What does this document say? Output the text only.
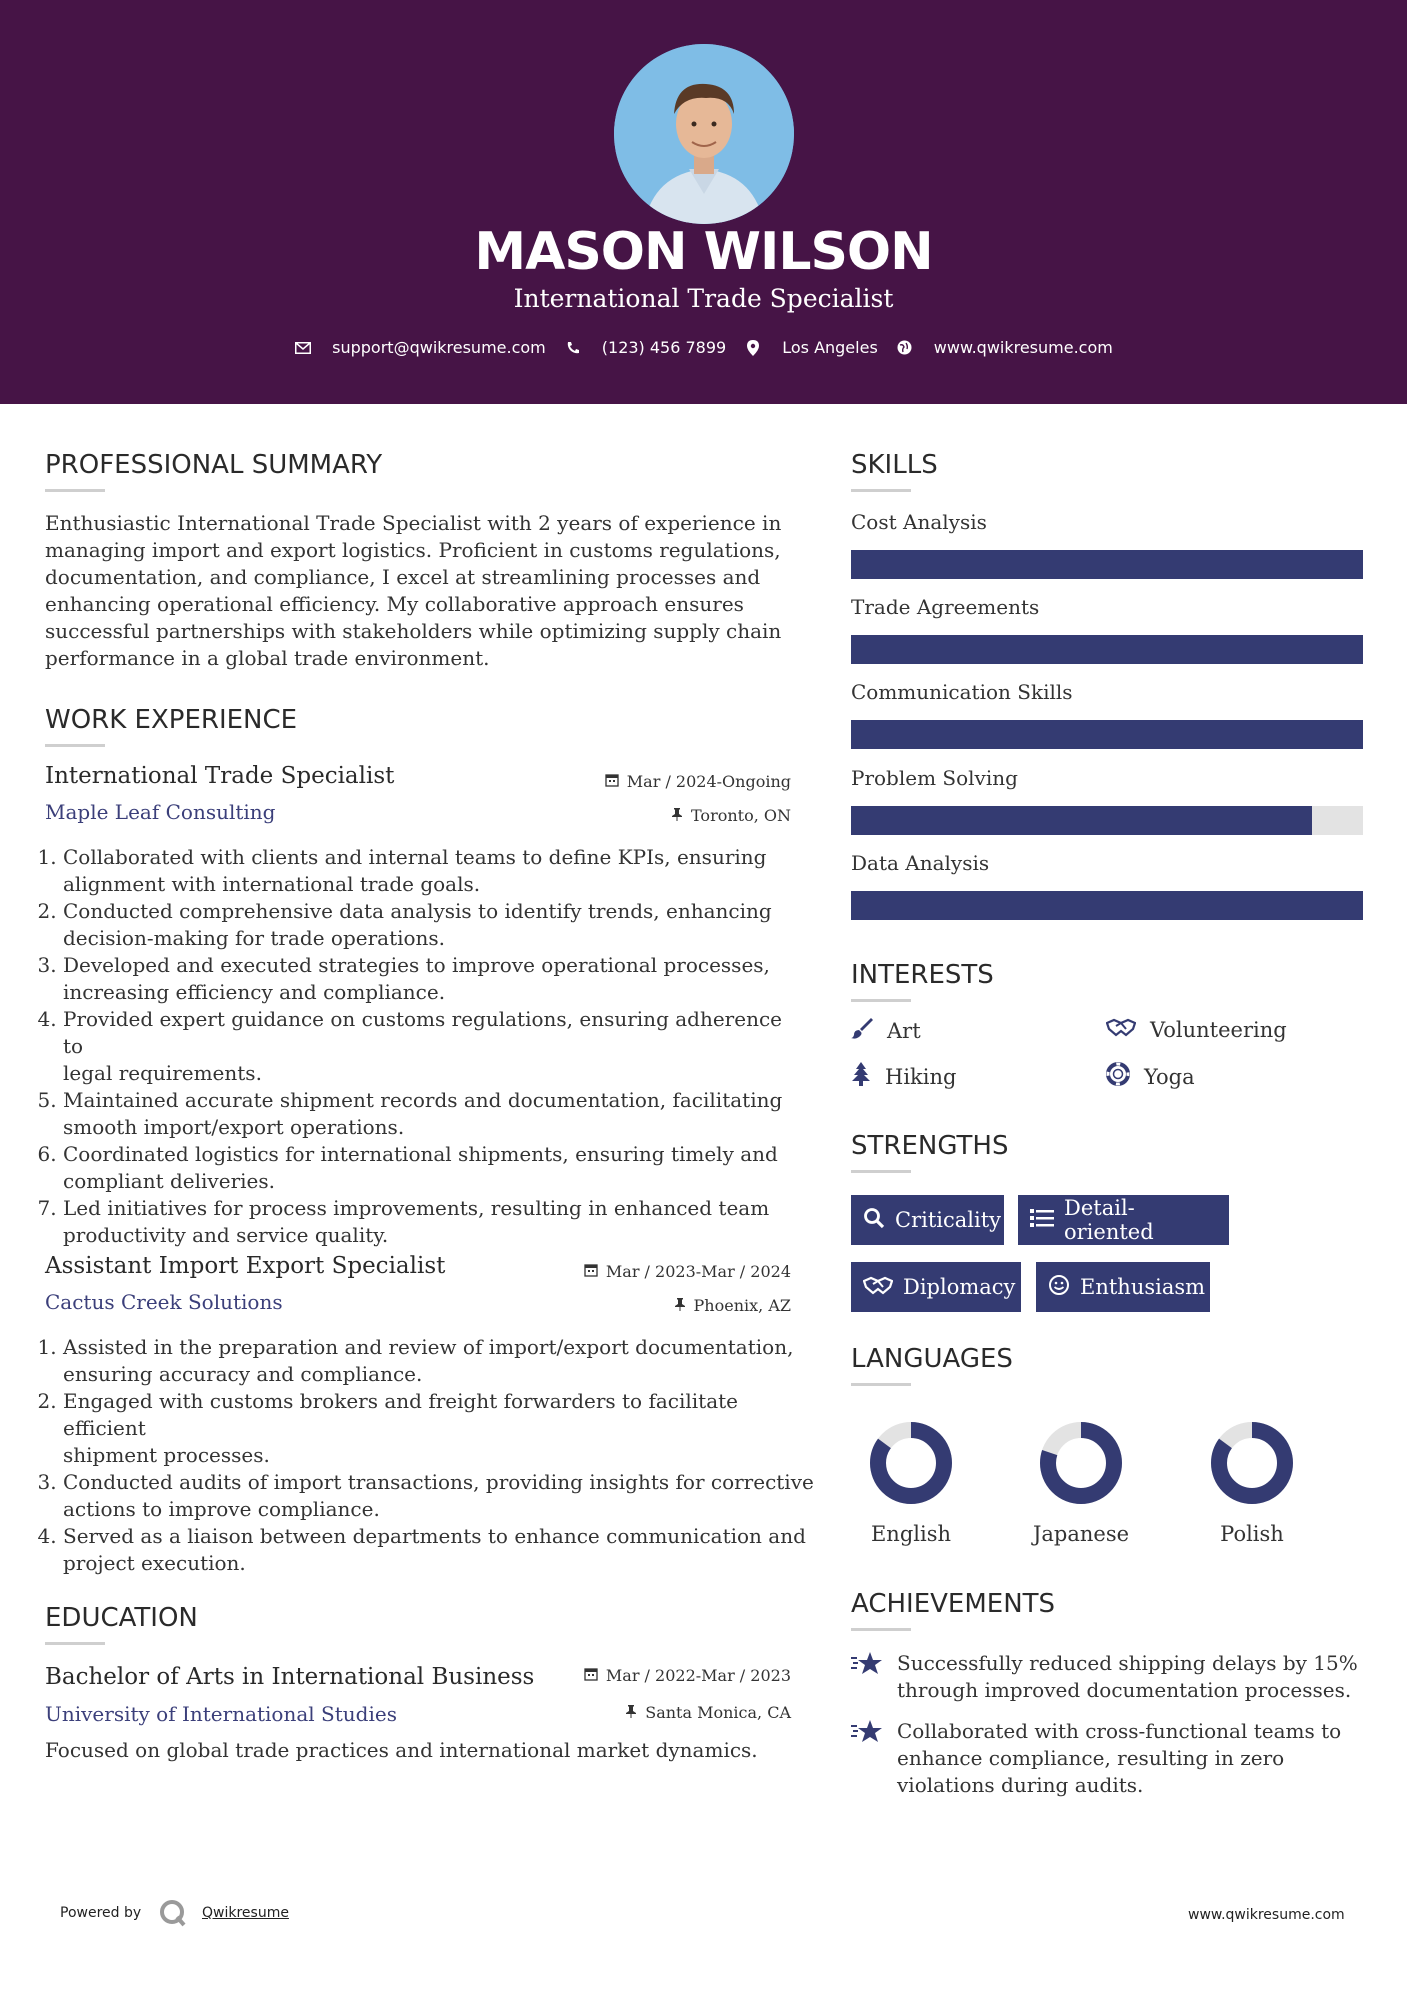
MASON WILSON
International Trade Specialist
support@qwikresume.com	(123) 456 7899	Los Angeles	www.qwikresume.com
PROFESSIONAL SUMMARY
Enthusiastic International Trade Specialist with 2 years of experience in
managing import and export logistics. Proficient in customs regulations,
documentation, and compliance, I excel at streamlining processes and
enhancing operational efficiency. My collaborative approach ensures
successful partnerships with stakeholders while optimizing supply chain
performance in a global trade environment.
WORK EXPERIENCE
International Trade Specialist	Mar / 2024-Ongoing
Maple Leaf Consulting	Toronto, ON
1. Collaborated with clients and internal teams to define KPIs, ensuring
alignment with international trade goals.
2. Conducted comprehensive data analysis to identify trends, enhancing
decision-making for trade operations.
3. Developed and executed strategies to improve operational processes,
increasing efficiency and compliance.
4. Provided expert guidance on customs regulations, ensuring adherence to
legal requirements.
5. Maintained accurate shipment records and documentation, facilitating
smooth import/export operations.
6. Coordinated logistics for international shipments, ensuring timely and
compliant deliveries.
7. Led initiatives for process improvements, resulting in enhanced team
productivity and service quality.
Assistant Import Export Specialist	Mar / 2023-Mar / 2024
Cactus Creek Solutions	Phoenix, AZ
1. Assisted in the preparation and review of import/export documentation,
ensuring accuracy and compliance.
2. Engaged with customs brokers and freight forwarders to facilitate efficient
shipment processes.
3. Conducted audits of import transactions, providing insights for corrective
actions to improve compliance.
4. Served as a liaison between departments to enhance communication and
project execution.
EDUCATION
Bachelor of Arts in International Business	Mar / 2022-Mar / 2023
University of International Studies	Santa Monica, CA
Focused on global trade practices and international market dynamics.
SKILLS
Cost Analysis
Trade Agreements
Communication Skills
Problem Solving
Data Analysis
INTERESTS
Art	Volunteering
Hiking	Yoga
STRENGTHS
Criticality	Detail-oriented
Diplomacy	Enthusiasm
LANGUAGES
English	Japanese	Polish
ACHIEVEMENTS
Successfully reduced shipping delays by 15%
through improved documentation processes.
Collaborated with cross-functional teams to
enhance compliance, resulting in zero
violations during audits.
Powered by	Qwikresume	www.qwikresume.com
